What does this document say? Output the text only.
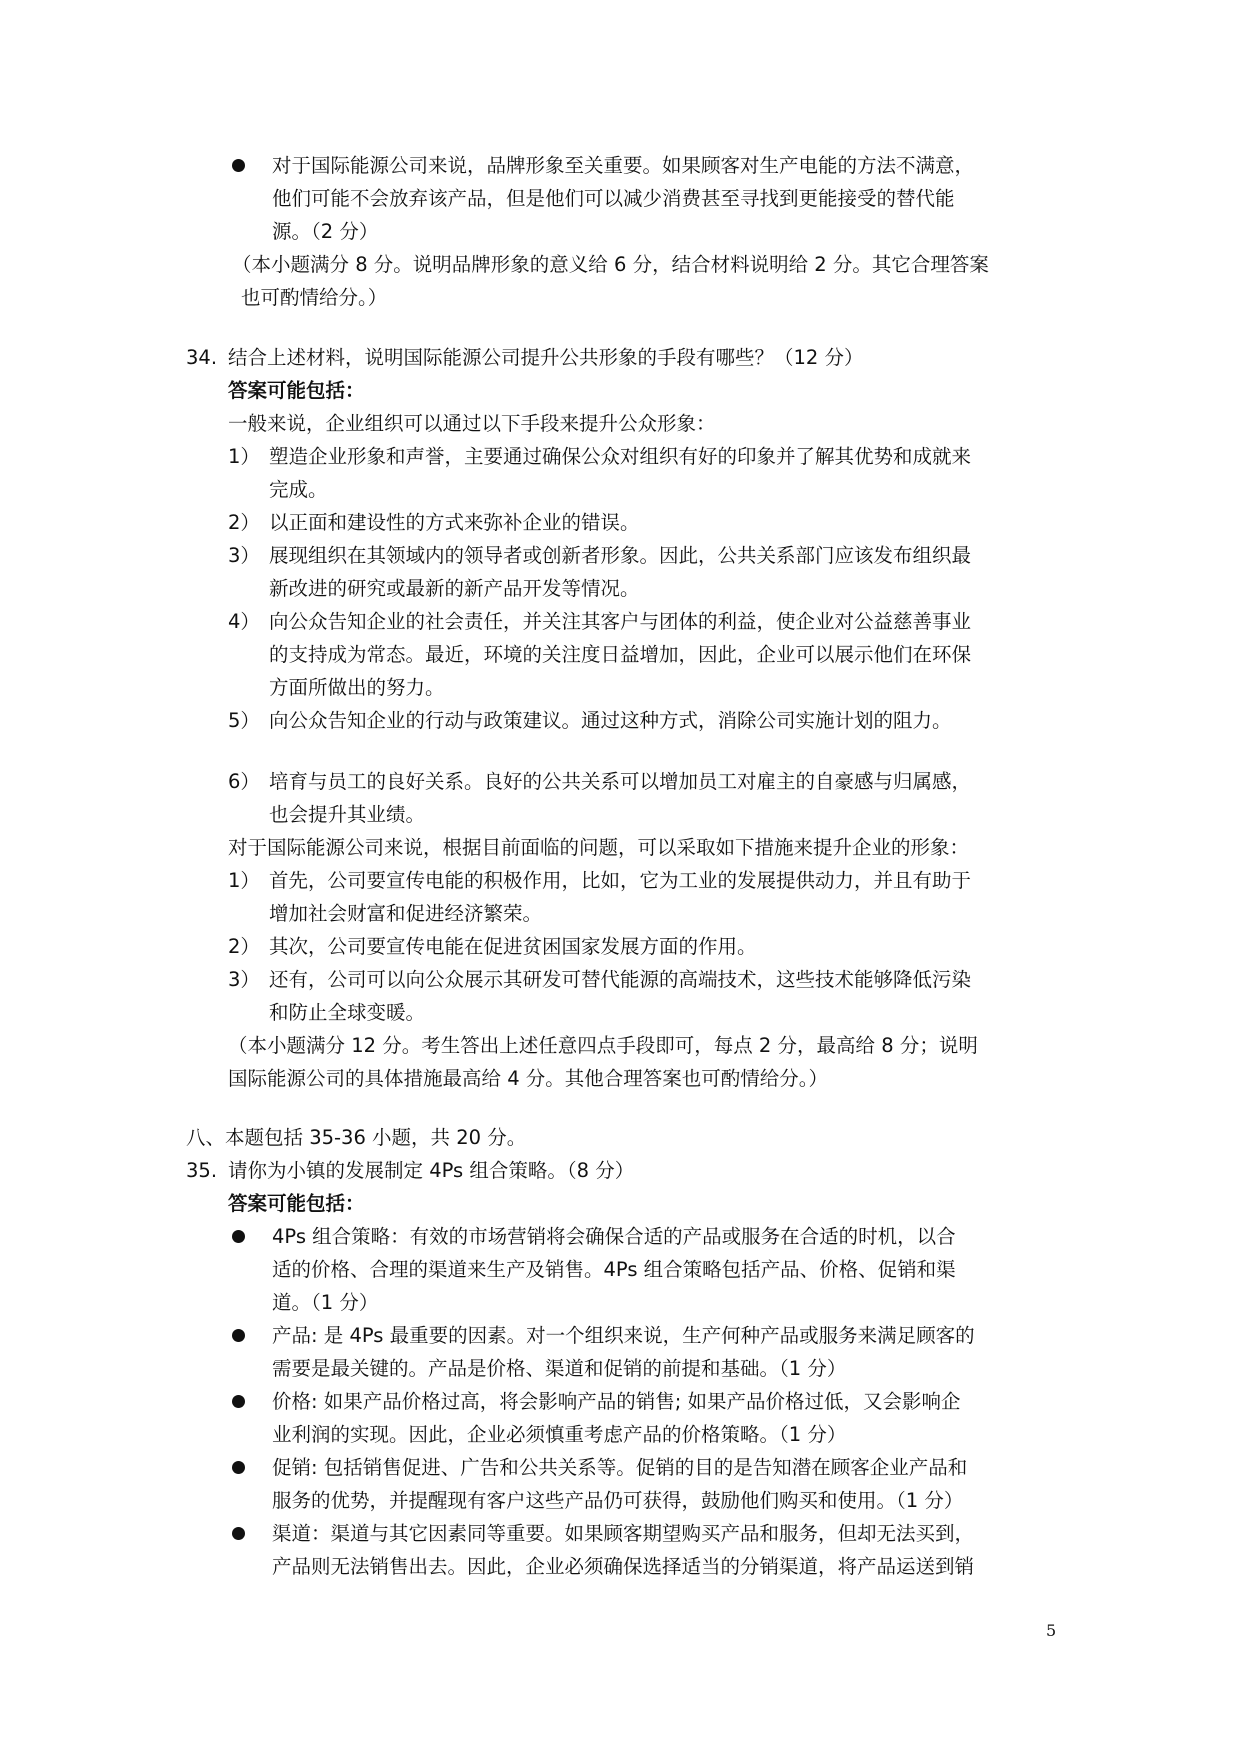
对于国际能源公司来说，品牌形象至关重要。如果顾客对生产电能的方法不满意，
他们可能不会放弃该产品，但是他们可以减少消费甚至寻找到更能接受的替代能
源。（2 分）
（本小题满分 8 分。说明品牌形象的意义给 6 分，结合材料说明给 2 分。其它合理答案
也可酌情给分。）
34. 结合上述材料，说明国际能源公司提升公共形象的手段有哪些？（12 分）
答案可能包括：
一般来说，企业组织可以通过以下手段来提升公众形象：
1） 塑造企业形象和声誉，主要通过确保公众对组织有好的印象并了解其优势和成就来
完成。
2） 以正面和建设性的方式来弥补企业的错误。
3） 展现组织在其领域内的领导者或创新者形象。因此，公共关系部门应该发布组织最
新改进的研究或最新的新产品开发等情况。
4） 向公众告知企业的社会责任，并关注其客户与团体的利益，使企业对公益慈善事业
的支持成为常态。最近，环境的关注度日益增加，因此，企业可以展示他们在环保
方面所做出的努力。
5） 向公众告知企业的行动与政策建议。通过这种方式，消除公司实施计划的阻力。
6） 培育与员工的良好关系。良好的公共关系可以增加员工对雇主的自豪感与归属感，
也会提升其业绩。
对于国际能源公司来说，根据目前面临的问题，可以采取如下措施来提升企业的形象：
1） 首先，公司要宣传电能的积极作用，比如，它为工业的发展提供动力，并且有助于
增加社会财富和促进经济繁荣。
2） 其次，公司要宣传电能在促进贫困国家发展方面的作用。
3） 还有，公司可以向公众展示其研发可替代能源的高端技术，这些技术能够降低污染
和防止全球变暖。
（本小题满分 12 分。考生答出上述任意四点手段即可，每点 2 分，最高给 8 分；说明
国际能源公司的具体措施最高给 4 分。其他合理答案也可酌情给分。）
八、本题包括 35-36 小题，共 20 分。
35. 请你为小镇的发展制定 4Ps 组合策略。（8 分）
答案可能包括：
4Ps 组合策略：有效的市场营销将会确保合适的产品或服务在合适的时机，以合
适的价格、合理的渠道来生产及销售。4Ps 组合策略包括产品、价格、促销和渠
道。（1 分）
产品: 是 4Ps 最重要的因素。对一个组织来说，生产何种产品或服务来满足顾客的
需要是最关键的。产品是价格、渠道和促销的前提和基础。（1 分）
价格: 如果产品价格过高，将会影响产品的销售; 如果产品价格过低，又会影响企
业利润的实现。因此，企业必须慎重考虑产品的价格策略。（1 分）
促销: 包括销售促进、广告和公共关系等。促销的目的是告知潜在顾客企业产品和
服务的优势，并提醒现有客户这些产品仍可获得，鼓励他们购买和使用。（1 分）
渠道：渠道与其它因素同等重要。如果顾客期望购买产品和服务，但却无法买到，
产品则无法销售出去。因此，企业必须确保选择适当的分销渠道，将产品运送到销
5
